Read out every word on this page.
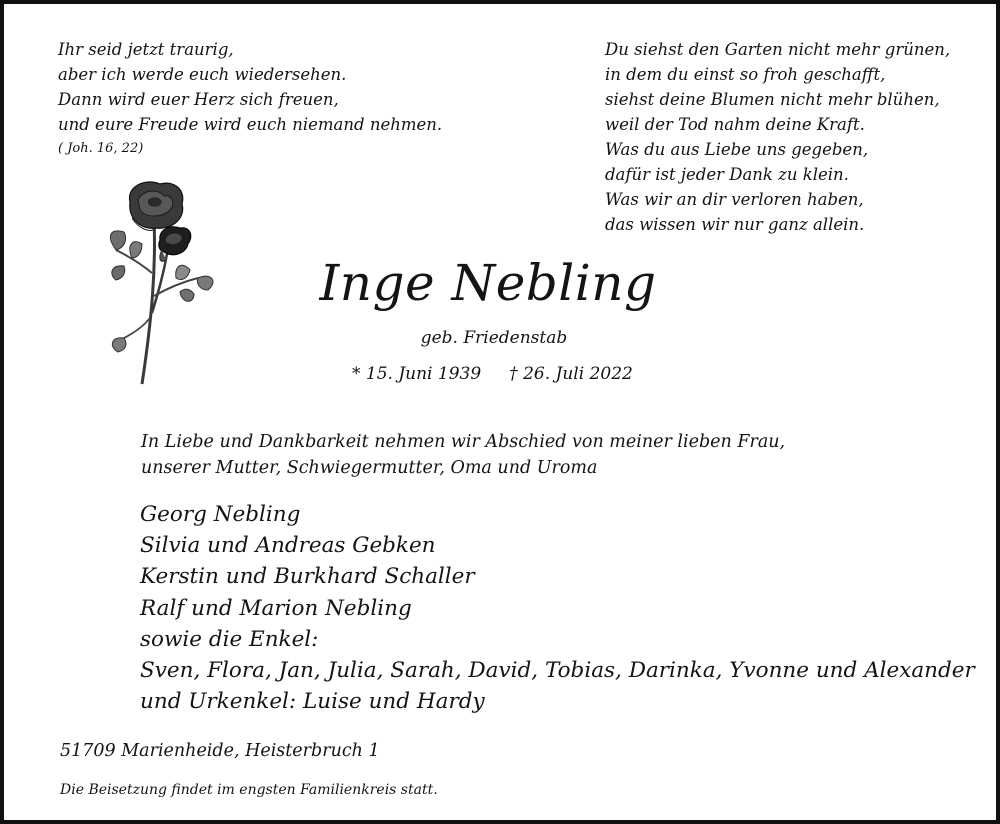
Ihr seid jetzt traurig,
aber ich werde euch wiedersehen.
Dann wird euer Herz sich freuen,
und eure Freude wird euch niemand nehmen.
( Joh. 16, 22)
Du siehst den Garten nicht mehr grünen,
in dem du einst so froh geschafft,
siehst deine Blumen nicht mehr blühen,
weil der Tod nahm deine Kraft.
Was du aus Liebe uns gegeben,
dafür ist jeder Dank zu klein.
Was wir an dir verloren haben,
das wissen wir nur ganz allein.
Inge Nebling
geb. Friedenstab
* 15. Juni 1939 † 26. Juli 2022
In Liebe und Dankbarkeit nehmen wir Abschied von meiner lieben Frau,
unserer Mutter, Schwiegermutter, Oma und Uroma
Georg Nebling
Silvia und Andreas Gebken
Kerstin und Burkhard Schaller
Ralf und Marion Nebling
sowie die Enkel:
Sven, Flora, Jan, Julia, Sarah, David, Tobias, Darinka, Yvonne und Alexander
und Urkenkel: Luise und Hardy
51709 Marienheide, Heisterbruch 1
Die Beisetzung findet im engsten Familienkreis statt.
